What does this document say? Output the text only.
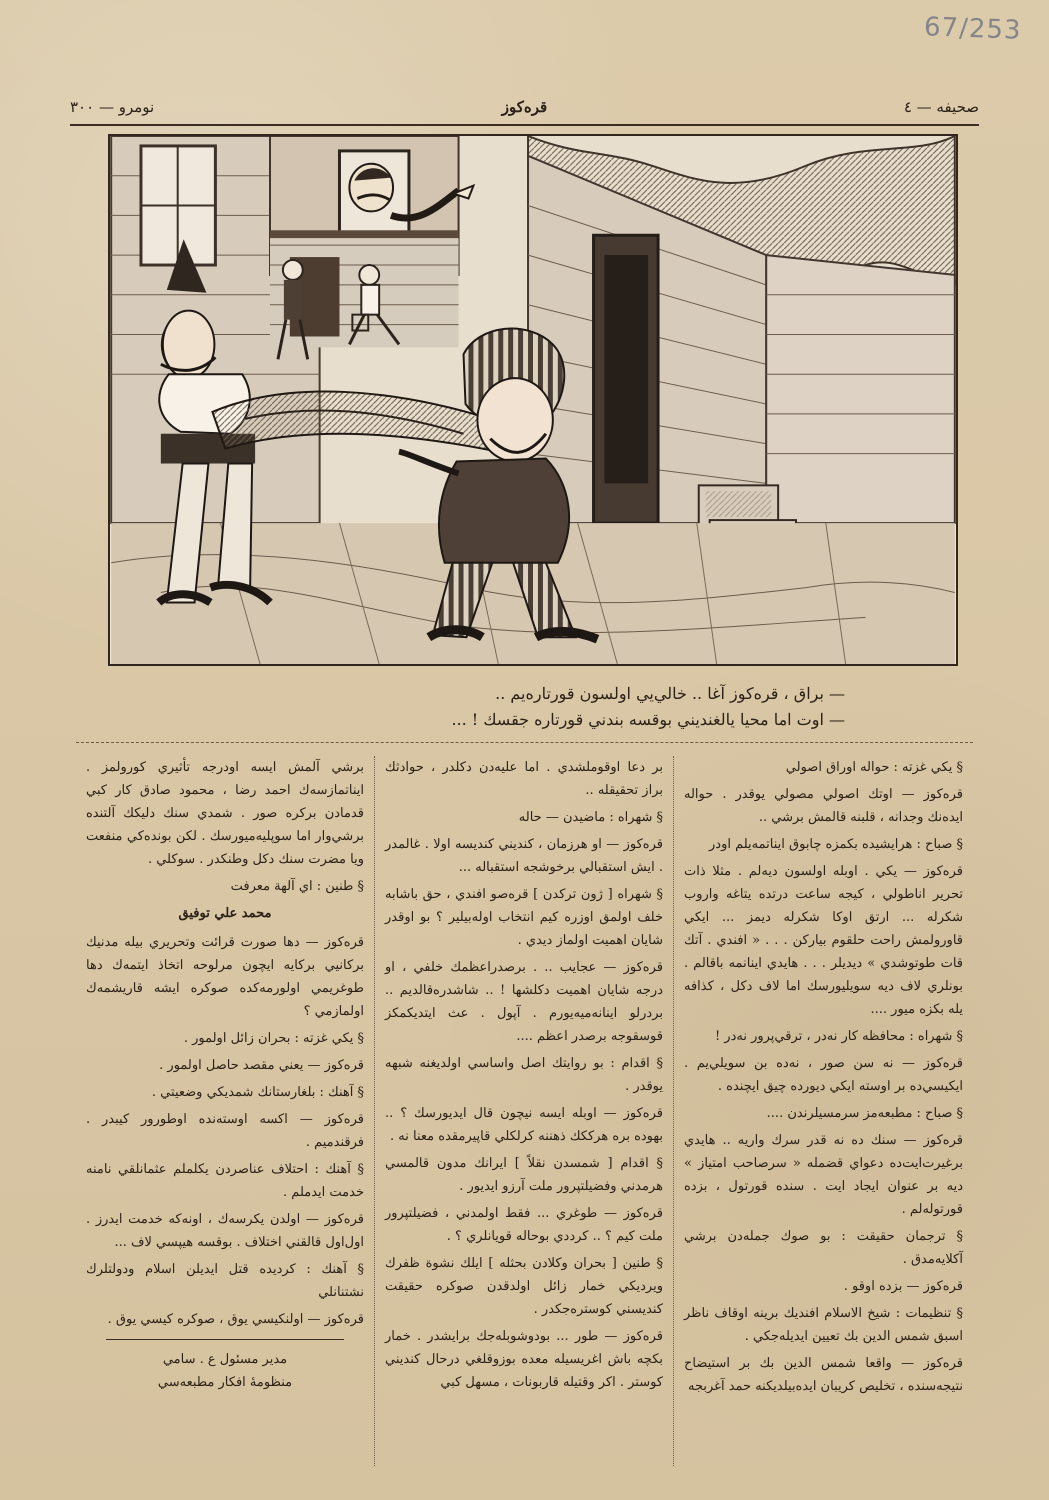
67/253
صحيفه — ٤
قره‌كوز
نومرو — ٣٠٠
— براق ، قره‌كوز آغا .. خالي‌يي اولسون قورتاره‌يم ..
— اوت اما محيا يالغنديني بوقسه بندني قورتاره جقسك ! ...

§ يكي غزته : حواله اوراق اصولي

قره‌كوز — اوتك اصولي مصولي يوقدر . حواله ايده‌نك وجدانه ، قلبنه قالمش برشي ..

§ صباح : هرايشيده بكمزه چابوق ايناتمه‌يلم اودر

قره‌كوز — يكي . اوبله اولسون ديه‌لم . مثلا ذات تحرير اناطولي ، كيجه ساعت درتده يتاغه واروب شكرله ... ارتق اوكا شكرله ديمز ... ايكي قاورولمش راحت حلقوم بياركن . . . « افندي . آتك قات طوتوشدي » ديديلر . . . هايدي اينانمه باقالم . بونلري لاف ديه سويليورسك اما لاف دكل ، كذافه يله بكزه ميور ....

§ شهراه : محافظه كار نه‌در ، ترقي‌پرور نه‌در !

قره‌كوز — نه سن صور ، نه‌ده بن سويلي‌يم . ايكيسي‌ده بر اوسته ايكي ديورده چيق ايچنده .

§ صباح : مطبعه‌مز سرمسيلرندن ....

قره‌كوز — سنك ده نه قدر سرك واريه .. هايدي برغيرت‌ايت‌ده دعواي قضمله « سرصاحب امتياز » ديه بر عنوان ايجاد ايت . سنده قورتول ، بزده قورتوله‌لم .

§ ترجمان حقيقت : بو صوك جمله‌دن برشي آكلايه‌مدق .

قره‌كوز — بزده اوقو .

§ تنظيمات : شيخ الاسلام افنديك برينه اوقاف ناظر اسبق شمس الدين بك تعيين ايديله‌جكي .

قره‌كوز — واقعا شمس الدين بك بر استيضاح نتيجه‌سنده ، تخليص كريبان ايده‌بيلديكنه حمد آغربجه

بر دعا اوقوملشدي . اما عليه‌دن دكلدر ، حوادثك براز تحقيقله ..

§ شهراه : ماضيدن — حاله

قره‌كوز — او هرزمان ، كنديني كنديسه اولا . غالمدر . ايش استقبالي برخوشجه استقباله ...

§ شهراه [ ژون تركدن ] قره‌صو افندي ، حق باشابه خلف اولمق اوزره كيم انتخاب اوله‌بيلير ؟ بو اوقدر شايان اهميت اولماز ديدي .

قره‌كوز — عجايب .. . برصدراعظمك خلفي ، او درجه شايان اهميت دكلشها ! .. شاشدره‌قالديم .. بردرلو اينانه‌ميه‌يورم . آپول . عث ايتديكمكز قوسقوجه برصدر اعظم ....

§ اقدام : بو روايتك اصل واساسي اولديغنه شبهه يوقدر .

قره‌كوز — اوبله ايسه نيچون قال ايديورسك ؟ .. بهوده بره هرككك ذهننه كرلكلي قاپيرمقده معنا نه .

§ اقدام [ شمسدن نقلاً ] ايرانك مدون قالمسي هرمدني وفضيلتپرور ملت آرزو ايديور .

قره‌كوز — طوغري ... فقط اولمدني ، فضيلتپرور ملت كيم ؟ .. كرددي بوحاله قويانلري ؟ .

§ طنين [ بحران وكلادن بحثله ] ايلك نشوة ظفرك ويرديكي خمار زائل اولدقدن صوكره حقيقت كنديسني كوستره‌جكدر .

قره‌كوز — طور ... بودوشوبله‌جك برايشدر . خمار بكچه باش اغريسيله معده بوزوقلغي درحال كنديني كوستر . اكر وقتيله قاربونات ، مسهل كبي

برشي آلمش ايسه اودرجه تأثيري كورولمز . ايناتمازسه‌ك احمد رضا ، محمود صادق كار كبي قدمادن بركره صور . شمدي سنك دليكك آلتنده برشي‌وار اما سوپليه‌ميورسك . لكن بونده‌كي منفعت ويا مضرت سنك دكل وطنكدر . سوكلي .

§ طنين : اي آلهة معرفت

محمد علي توفيق

قره‌كوز — دها صورت قرائت وتحريري بيله مدنيك بركانيي بركايه ايچون مرلوحه اتخاذ ايتمه‌ك دها طوغريمي اولورمه‌كده صوكره ايشه قاريشمه‌ك اولمازمي ؟

§ يكي غزته : بحران زائل اولمور .

قره‌كوز — يعني مقصد حاصل اولمور .

§ آهنك : بلغارستانك شمديكي وضعيتي .

قره‌كوز — اكسه اوسته‌نده اوطورور كيبدر . فرقندميم .

§ آهنك : احتلاف عناصردن يكلملم عثمانلقي نامنه خدمت ايدملم .

قره‌كوز — اولدن يكرسه‌ك ، اونه‌كه خدمت ايدرز . اول‌اول قالقني اختلاف . بوقسه هيپسي لاف ...

§ آهنك : كرديده قتل ايديلن اسلام ودولتلرك نشتنانلي

قره‌كوز — اولنكيسي يوق ، صوكره كيسي يوق .

مدير مسئول ع . سامي

منظومهٔ افكار مطبعه‌سي
